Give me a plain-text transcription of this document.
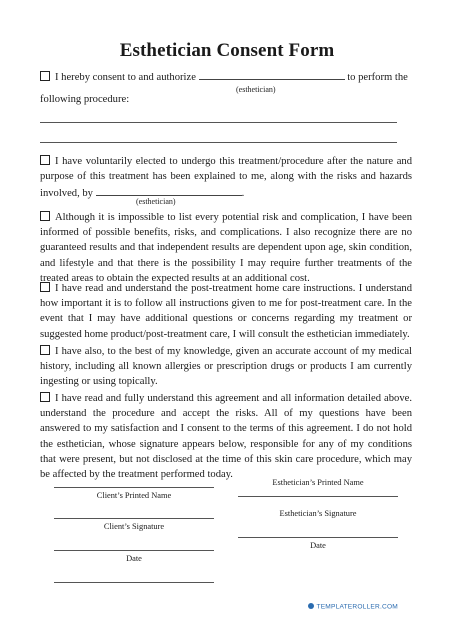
Esthetician Consent Form
I hereby consent to and authorize	to perform the
following procedure:
(esthetician)
I have voluntarily elected to undergo this treatment/procedure after the nature and
purpose of this treatment has been explained to me, along with the risks and hazards
involved, by	.
(esthetician)
Although it is impossible to list every potential risk and complication, I have been
informed of possible benefits, risks, and complications. I also recognize there are no
guaranteed results and that independent results are dependent upon age, skin condition,
and lifestyle and that there is the possibility I may require further treatments of the
treated areas to obtain the expected results at an additional cost.
I have read and understand the post-treatment home care instructions. I understand
how important it is to follow all instructions given to me for post-treatment care. In the
event that I may have additional questions or concerns regarding my treatment or
suggested home product/post-treatment care, I will consult the esthetician immediately.
I have also, to the best of my knowledge, given an accurate account of my medical
history, including all known allergies or prescription drugs or products I am currently
ingesting or using topically.
I have read and fully understand this agreement and all information detailed above.
understand the procedure and accept the risks. All of my questions have been
answered to my satisfaction and I consent to the terms of this agreement. I do not hold
the esthetician, whose signature appears below, responsible for any of my conditions
that were present, but not disclosed at the time of this skin care procedure, which may
be affected by the treatment performed today.
Client’s Printed Name
Client’s Signature
Date
Esthetician’s Printed Name
Esthetician’s Signature
Date
TEMPLATEROLLER.COM
